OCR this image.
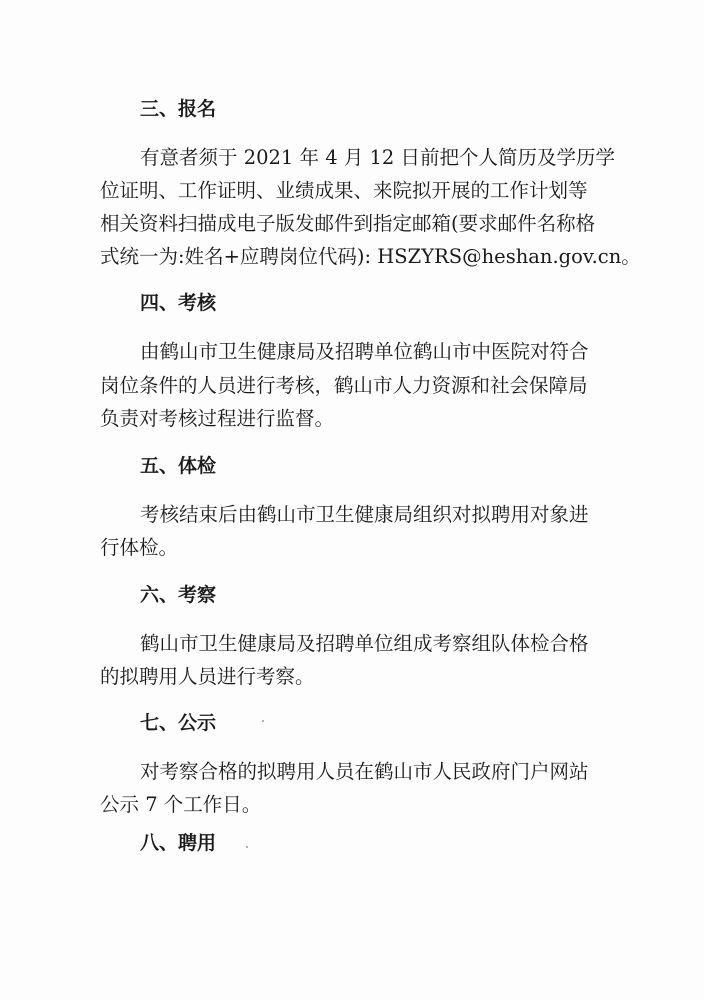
三、报名
有意者须于 2021 年 4 月 12 日前把个人简历及学历学
位证明、工作证明、业绩成果、来院拟开展的工作计划等
相关资料扫描成电子版发邮件到指定邮箱(要求邮件名称格
式统一为:姓名+应聘岗位代码): HSZYRS@heshan.gov.cn。
四、考核
由鹤山市卫生健康局及招聘单位鹤山市中医院对符合
岗位条件的人员进行考核，鹤山市人力资源和社会保障局
负责对考核过程进行监督。
五、体检
考核结束后由鹤山市卫生健康局组织对拟聘用对象进
行体检。
六、考察
鹤山市卫生健康局及招聘单位组成考察组队体检合格
的拟聘用人员进行考察。
七、公示
对考察合格的拟聘用人员在鹤山市人民政府门户网站
公示 7 个工作日。
八、聘用
